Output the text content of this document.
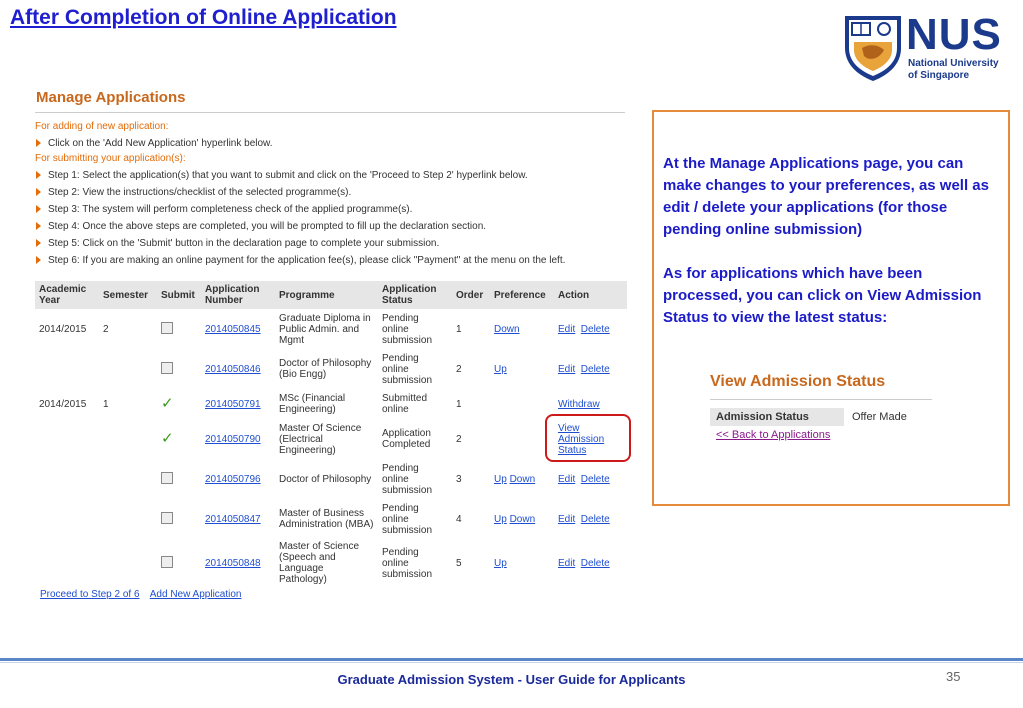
After Completion of Online Application	NUS
National University
of Singapore
Manage Applications
For adding of new application:
Click on the 'Add New Application' hyperlink below.
For submitting your application(s):
Step 1: Select the application(s) that you want to submit and click on the 'Proceed to Step 2' hyperlink below.
Step 2: View the instructions/checklist of the selected programme(s).
Step 3: The system will perform completeness check of the applied programme(s).
Step 4: Once the above steps are completed, you will be prompted to fill up the declaration section.
Step 5: Click on the 'Submit' button in the declaration page to complete your submission.
Step 6: If you are making an online payment for the application fee(s), please click "Payment" at the menu on the left.
Academic Year	Semester	Submit	Application Number	Programme	Application Status	Order	Preference	Action
2014/2015	2		2014050845	Graduate Diploma in Public Admin. and Mgmt	Pending online submission	1	Down	Edit Delete
			2014050846	Doctor of Philosophy (Bio Engg)	Pending online submission	2	Up	Edit Delete
2014/2015	1	✓	2014050791	MSc (Financial Engineering)	Submitted online	1		Withdraw
		✓	2014050790	Master Of Science (Electrical Engineering)	Application Completed	2		View Admission Status
			2014050796	Doctor of Philosophy	Pending online submission	3	Up Down	Edit Delete
			2014050847	Master of Business Administration (MBA)	Pending online submission	4	Up Down	Edit Delete
			2014050848	Master of Science (Speech and Language Pathology)	Pending online submission	5	Up	Edit Delete
Proceed to Step 2 of 6 Add New Application

At the Manage Applications page, you can make changes to your preferences, as well as edit / delete your applications (for those pending online submission)

As for applications which have been processed, you can click on View Admission Status to view the latest status:

View Admission Status
Admission Status	Offer Made
<< Back to Applications
Graduate Admission System - User Guide for Applicants	35
